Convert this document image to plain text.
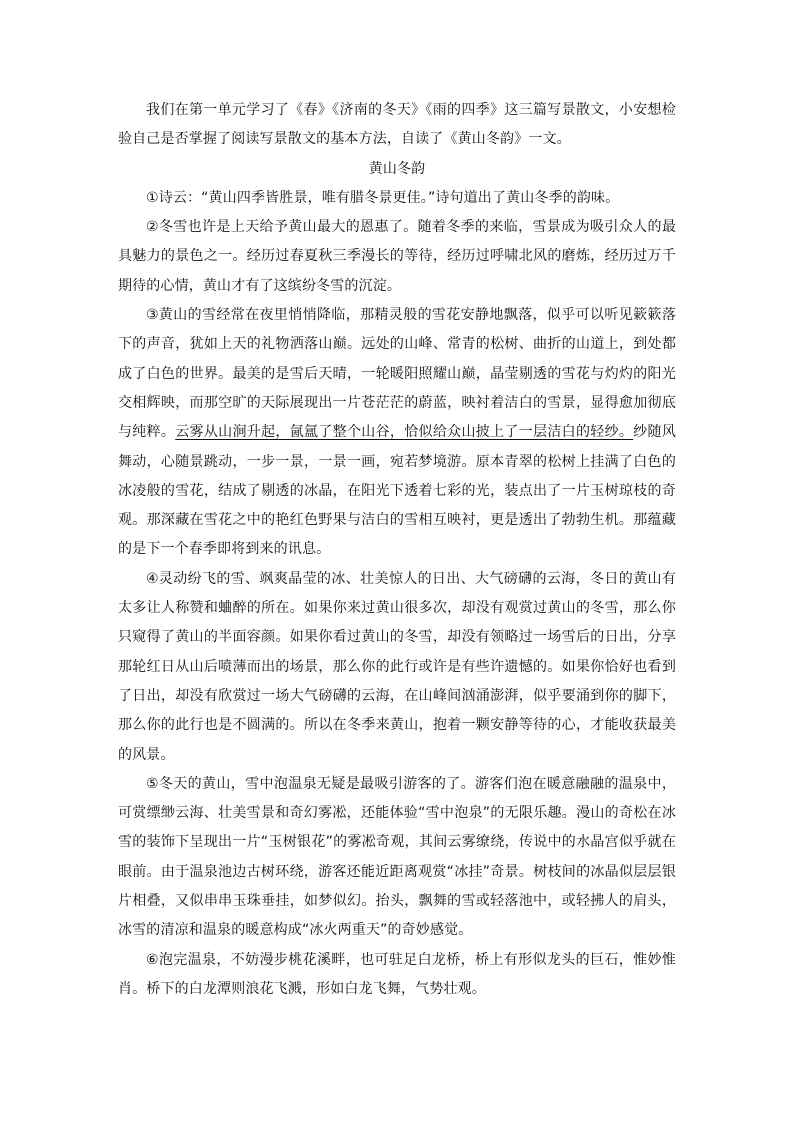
我们在第一单元学习了《春》《济南的冬天》《雨的四季》这三篇写景散文，小安想检验自己是否掌握了阅读写景散文的基本方法，自读了《黄山冬韵》一文。

黄山冬韵

①诗云：“黄山四季皆胜景，唯有腊冬景更佳。”诗句道出了黄山冬季的韵味。

②冬雪也许是上天给予黄山最大的恩惠了。随着冬季的来临，雪景成为吸引众人的最具魅力的景色之一。经历过春夏秋三季漫长的等待，经历过呼啸北风的磨炼，经历过万千期待的心情，黄山才有了这缤纷冬雪的沉淀。

③黄山的雪经常在夜里悄悄降临，那精灵般的雪花安静地飘落，似乎可以听见簌簌落下的声音，犹如上天的礼物洒落山巅。远处的山峰、常青的松树、曲折的山道上，到处都成了白色的世界。最美的是雪后天晴，一轮暖阳照耀山巅，晶莹剔透的雪花与灼灼的阳光交相辉映，而那空旷的天际展现出一片苍茫茫的蔚蓝，映衬着洁白的雪景，显得愈加彻底与纯粹。云雾从山涧升起，氤氲了整个山谷，恰似给众山披上了一层洁白的轻纱。纱随风舞动，心随景跳动，一步一景，一景一画，宛若梦境游。原本青翠的松树上挂满了白色的冰凌般的雪花，结成了剔透的冰晶，在阳光下透着七彩的光，装点出了一片玉树琼枝的奇观。那深藏在雪花之中的艳红色野果与洁白的雪相互映衬，更是透出了勃勃生机。那蕴藏的是下一个春季即将到来的讯息。

④灵动纷飞的雪、飒爽晶莹的冰、壮美惊人的日出、大气磅礴的云海，冬日的黄山有太多让人称赞和蛐醉的所在。如果你来过黄山很多次，却没有观赏过黄山的冬雪，那么你只窥得了黄山的半面容颜。如果你看过黄山的冬雪，却没有领略过一场雪后的日出，分享那轮红日从山后喷薄而出的场景，那么你的此行或许是有些许遗憾的。如果你恰好也看到了日出，却没有欣赏过一场大气磅礴的云海，在山峰间汹涌澎湃，似乎要涌到你的脚下，那么你的此行也是不圆满的。所以在冬季来黄山，抱着一颗安静等待的心，才能收获最美的风景。

⑤冬天的黄山，雪中泡温泉无疑是最吸引游客的了。游客们泡在暖意融融的温泉中，可赏缥缈云海、壮美雪景和奇幻雾凇，还能体验“雪中泡泉”的无限乐趣。漫山的奇松在冰雪的装饰下呈现出一片“玉树银花”的雾凇奇观，其间云雾缭绕，传说中的水晶宫似乎就在眼前。由于温泉池边古树环绕，游客还能近距离观赏“冰挂”奇景。树枝间的冰晶似层层银片相叠，又似串串玉珠垂挂，如梦似幻。抬头，飘舞的雪或轻落池中，或轻拂人的肩头，冰雪的清凉和温泉的暖意构成“冰火两重天”的奇妙感觉。

⑥泡完温泉，不妨漫步桃花溪畔，也可驻足白龙桥，桥上有形似龙头的巨石，惟妙惟肖。桥下的白龙潭则浪花飞溅，形如白龙飞舞，气势壮观。
